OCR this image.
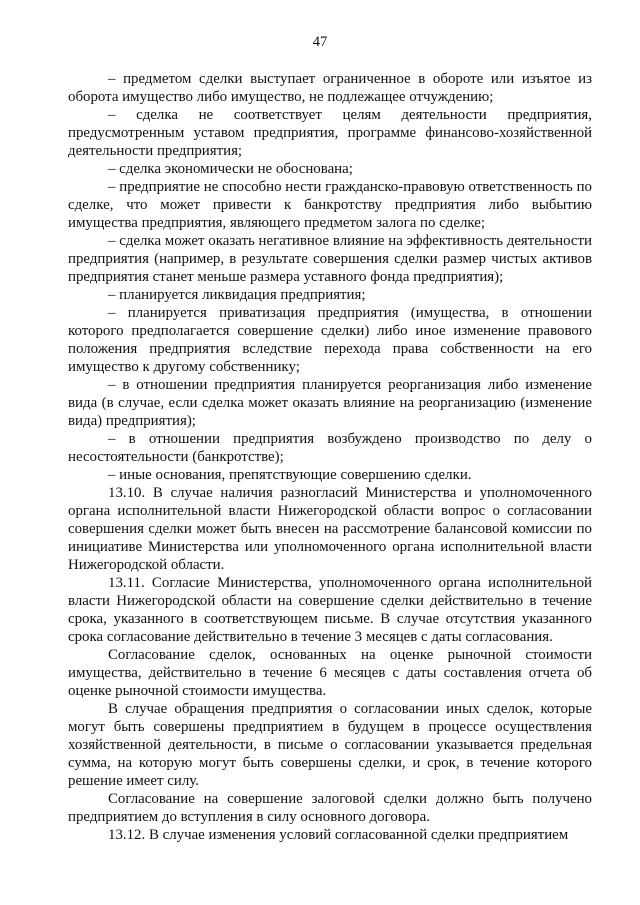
47

– предметом сделки выступает ограниченное в обороте или изъятое из оборота имущество либо имущество, не подлежащее отчуждению;

– сделка не соответствует целям деятельности предприятия, предусмотренным уставом предприятия, программе финансово-хозяйственной деятельности предприятия;

– сделка экономически не обоснована;

– предприятие не способно нести гражданско-правовую ответственность по сделке, что может привести к банкротству предприятия либо выбытию имущества предприятия, являющего предметом залога по сделке;

– сделка может оказать негативное влияние на эффективность деятельности предприятия (например, в результате совершения сделки размер чистых активов предприятия станет меньше размера уставного фонда предприятия);

– планируется ликвидация предприятия;

– планируется приватизация предприятия (имущества, в отношении которого предполагается совершение сделки) либо иное изменение правового положения предприятия вследствие перехода права собственности на его имущество к другому собственнику;

– в отношении предприятия планируется реорганизация либо изменение вида (в случае, если сделка может оказать влияние на реорганизацию (изменение вида) предприятия);

– в отношении предприятия возбуждено производство по делу о несостоятельности (банкротстве);

– иные основания, препятствующие совершению сделки.

13.10. В случае наличия разногласий Министерства и уполномоченного органа исполнительной власти Нижегородской области вопрос о согласовании совершения сделки может быть внесен на рассмотрение балансовой комиссии по инициативе Министерства или уполномоченного органа исполнительной власти Нижегородской области.

13.11. Согласие Министерства, уполномоченного органа исполнительной власти Нижегородской области на совершение сделки действительно в течение срока, указанного в соответствующем письме. В случае отсутствия указанного срока согласование действительно в течение 3 месяцев с даты согласования.

Согласование сделок, основанных на оценке рыночной стоимости имущества, действительно в течение 6 месяцев с даты составления отчета об оценке рыночной стоимости имущества.

В случае обращения предприятия о согласовании иных сделок, которые могут быть совершены предприятием в будущем в процессе осуществления хозяйственной деятельности, в письме о согласовании указывается предельная сумма, на которую могут быть совершены сделки, и срок, в течение которого решение имеет силу.

Согласование на совершение залоговой сделки должно быть получено предприятием до вступления в силу основного договора.

13.12. В случае изменения условий согласованной сделки предприятием
